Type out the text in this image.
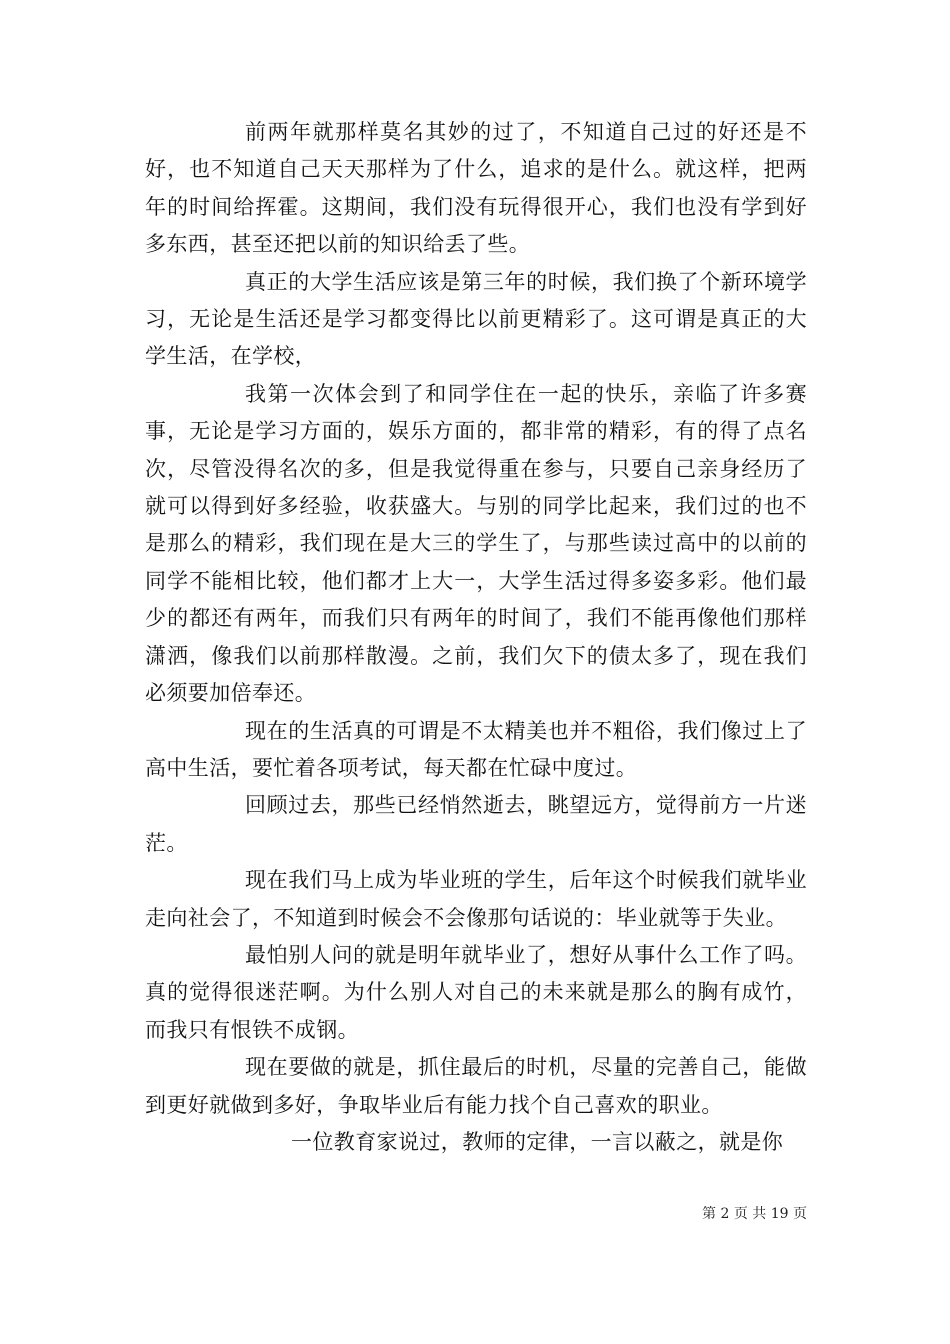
前两年就那样莫名其妙的过了，不知道自己过的好还是不好，也不知道自己天天那样为了什么，追求的是什么。就这样，把两年的时间给挥霍。这期间，我们没有玩得很开心，我们也没有学到好多东西，甚至还把以前的知识给丢了些。

真正的大学生活应该是第三年的时候，我们换了个新环境学习，无论是生活还是学习都变得比以前更精彩了。这可谓是真正的大学生活，在学校，

我第一次体会到了和同学住在一起的快乐，亲临了许多赛事，无论是学习方面的，娱乐方面的，都非常的精彩，有的得了点名次，尽管没得名次的多，但是我觉得重在参与，只要自己亲身经历了就可以得到好多经验，收获盛大。与别的同学比起来，我们过的也不是那么的精彩，我们现在是大三的学生了，与那些读过高中的以前的同学不能相比较，他们都才上大一，大学生活过得多姿多彩。他们最少的都还有两年，而我们只有两年的时间了，我们不能再像他们那样潇洒，像我们以前那样散漫。之前，我们欠下的债太多了，现在我们必须要加倍奉还。

现在的生活真的可谓是不太精美也并不粗俗，我们像过上了高中生活，要忙着各项考试，每天都在忙碌中度过。

回顾过去，那些已经悄然逝去，眺望远方，觉得前方一片迷茫。

现在我们马上成为毕业班的学生，后年这个时候我们就毕业走向社会了，不知道到时候会不会像那句话说的：毕业就等于失业。

最怕别人问的就是明年就毕业了，想好从事什么工作了吗。真的觉得很迷茫啊。为什么别人对自己的未来就是那么的胸有成竹，而我只有恨铁不成钢。

现在要做的就是，抓住最后的时机，尽量的完善自己，能做到更好就做到多好，争取毕业后有能力找个自己喜欢的职业。

一位教育家说过，教师的定律，一言以蔽之，就是你

第 2 页 共 19 页
